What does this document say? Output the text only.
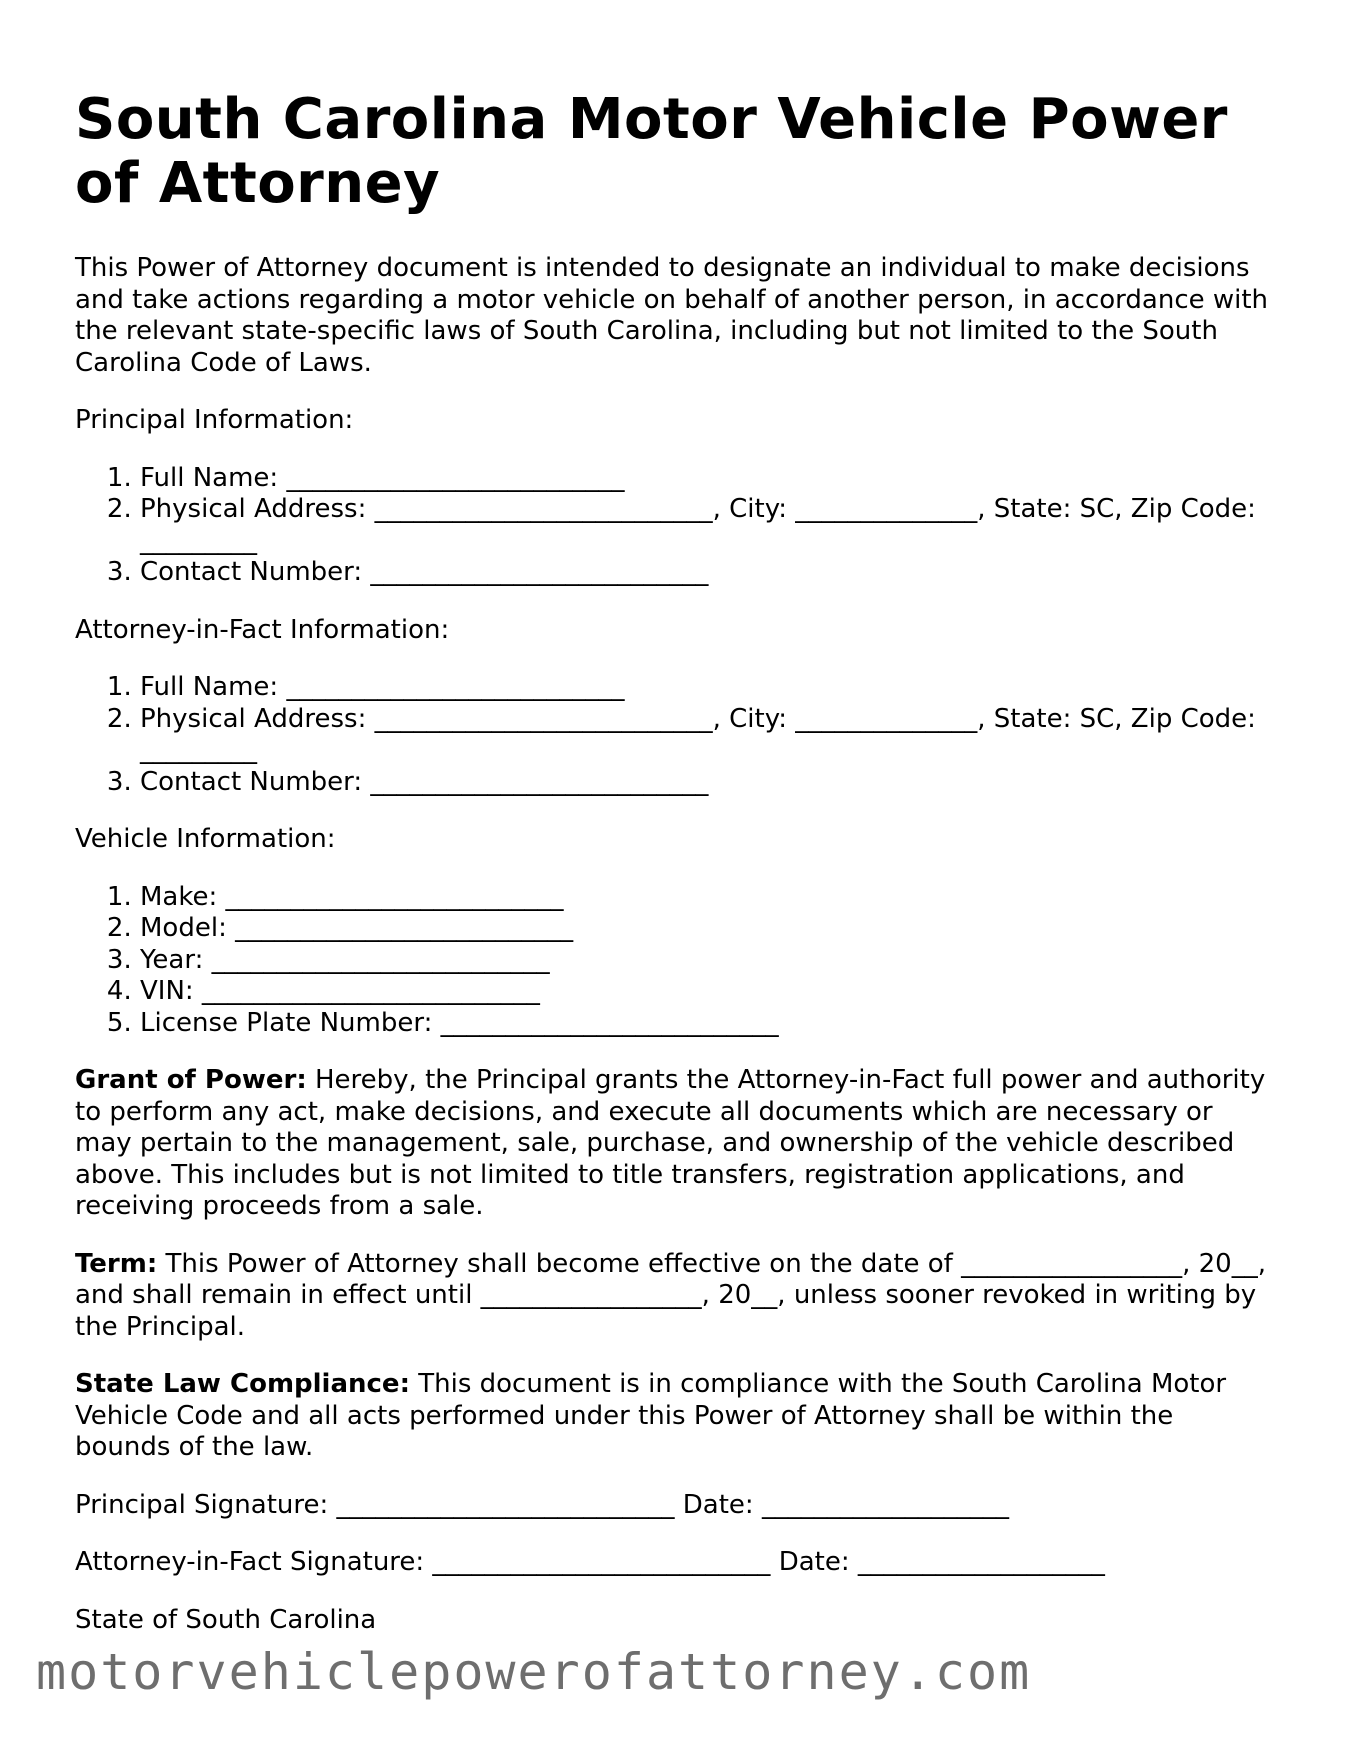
South Carolina Motor Vehicle Power of Attorney

This Power of Attorney document is intended to designate an individual to make decisions and take actions regarding a motor vehicle on behalf of another person, in accordance with the relevant state-specific laws of South Carolina, including but not limited to the South Carolina Code of Laws.

Principal Information:

1. Full Name: __________________________
2. Physical Address: __________________________, City: ______________, State: SC, Zip Code: _________
3. Contact Number: __________________________

Attorney-in-Fact Information:

1. Full Name: __________________________
2. Physical Address: __________________________, City: ______________, State: SC, Zip Code: _________
3. Contact Number: __________________________

Vehicle Information:

1. Make: __________________________
2. Model: __________________________
3. Year: __________________________
4. VIN: __________________________
5. License Plate Number: __________________________

Grant of Power: Hereby, the Principal grants the Attorney-in-Fact full power and authority to perform any act, make decisions, and execute all documents which are necessary or may pertain to the management, sale, purchase, and ownership of the vehicle described above. This includes but is not limited to title transfers, registration applications, and receiving proceeds from a sale.

Term: This Power of Attorney shall become effective on the date of _________________, 20__, and shall remain in effect until _________________, 20__, unless sooner revoked in writing by the Principal.

State Law Compliance: This document is in compliance with the South Carolina Motor Vehicle Code and all acts performed under this Power of Attorney shall be within the bounds of the law.

Principal Signature: __________________________ Date: ___________________

Attorney-in-Fact Signature: __________________________ Date: ___________________

State of South Carolina

motorvehiclepowerofattorney.com
